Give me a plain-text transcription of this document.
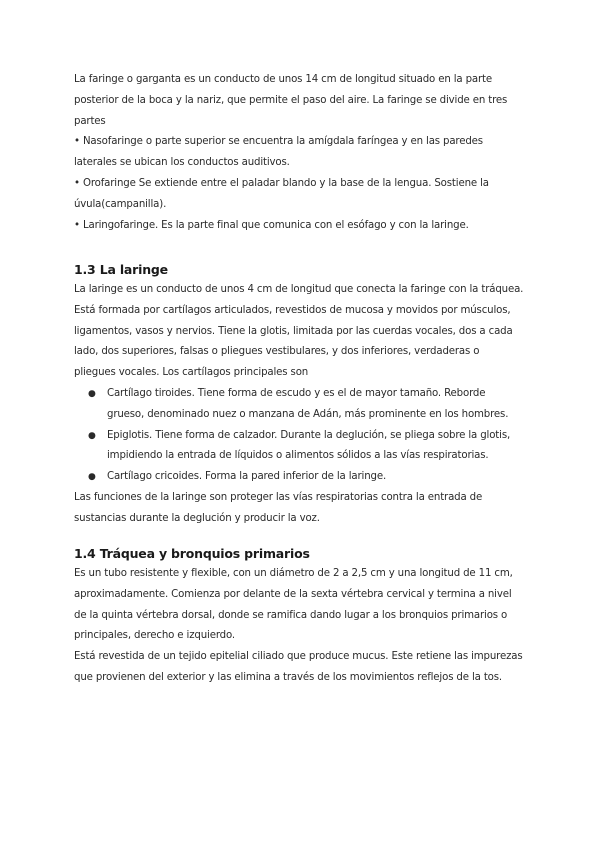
La faringe o garganta es un conducto de unos 14 cm de longitud situado en la parte posterior de la boca y la nariz, que permite el paso del aire. La faringe se divide en tres partes

• Nasofaringe o parte superior se encuentra la amígdala faríngea y en las paredes laterales se ubican los conductos auditivos.

• Orofaringe Se extiende entre el paladar blando y la base de la lengua. Sostiene la úvula(campanilla).

• Laringofaringe. Es la parte final que comunica con el esófago y con la laringe.

1.3 La laringe

La laringe es un conducto de unos 4 cm de longitud que conecta la faringe con la tráquea. Está formada por cartílagos articulados, revestidos de mucosa y movidos por músculos, ligamentos, vasos y nervios. Tiene la glotis, limitada por las cuerdas vocales, dos a cada lado, dos superiores, falsas o pliegues vestibulares, y dos inferiores, verdaderas o pliegues vocales. Los cartílagos principales son

● Cartílago tiroides. Tiene forma de escudo y es el de mayor tamaño. Reborde grueso, denominado nuez o manzana de Adán, más prominente en los hombres.
● Epiglotis. Tiene forma de calzador. Durante la deglución, se pliega sobre la glotis, impidiendo la entrada de líquidos o alimentos sólidos a las vías respiratorias.
● Cartílago cricoides. Forma la pared inferior de la laringe.

Las funciones de la laringe son proteger las vías respiratorias contra la entrada de sustancias durante la deglución y producir la voz.

1.4 Tráquea y bronquios primarios

Es un tubo resistente y flexible, con un diámetro de 2 a 2,5 cm y una longitud de 11 cm, aproximadamente. Comienza por delante de la sexta vértebra cervical y termina a nivel de la quinta vértebra dorsal, donde se ramifica dando lugar a los bronquios primarios o principales, derecho e izquierdo.

Está revestida de un tejido epitelial ciliado que produce mucus. Este retiene las impurezas que provienen del exterior y las elimina a través de los movimientos reflejos de la tos.
